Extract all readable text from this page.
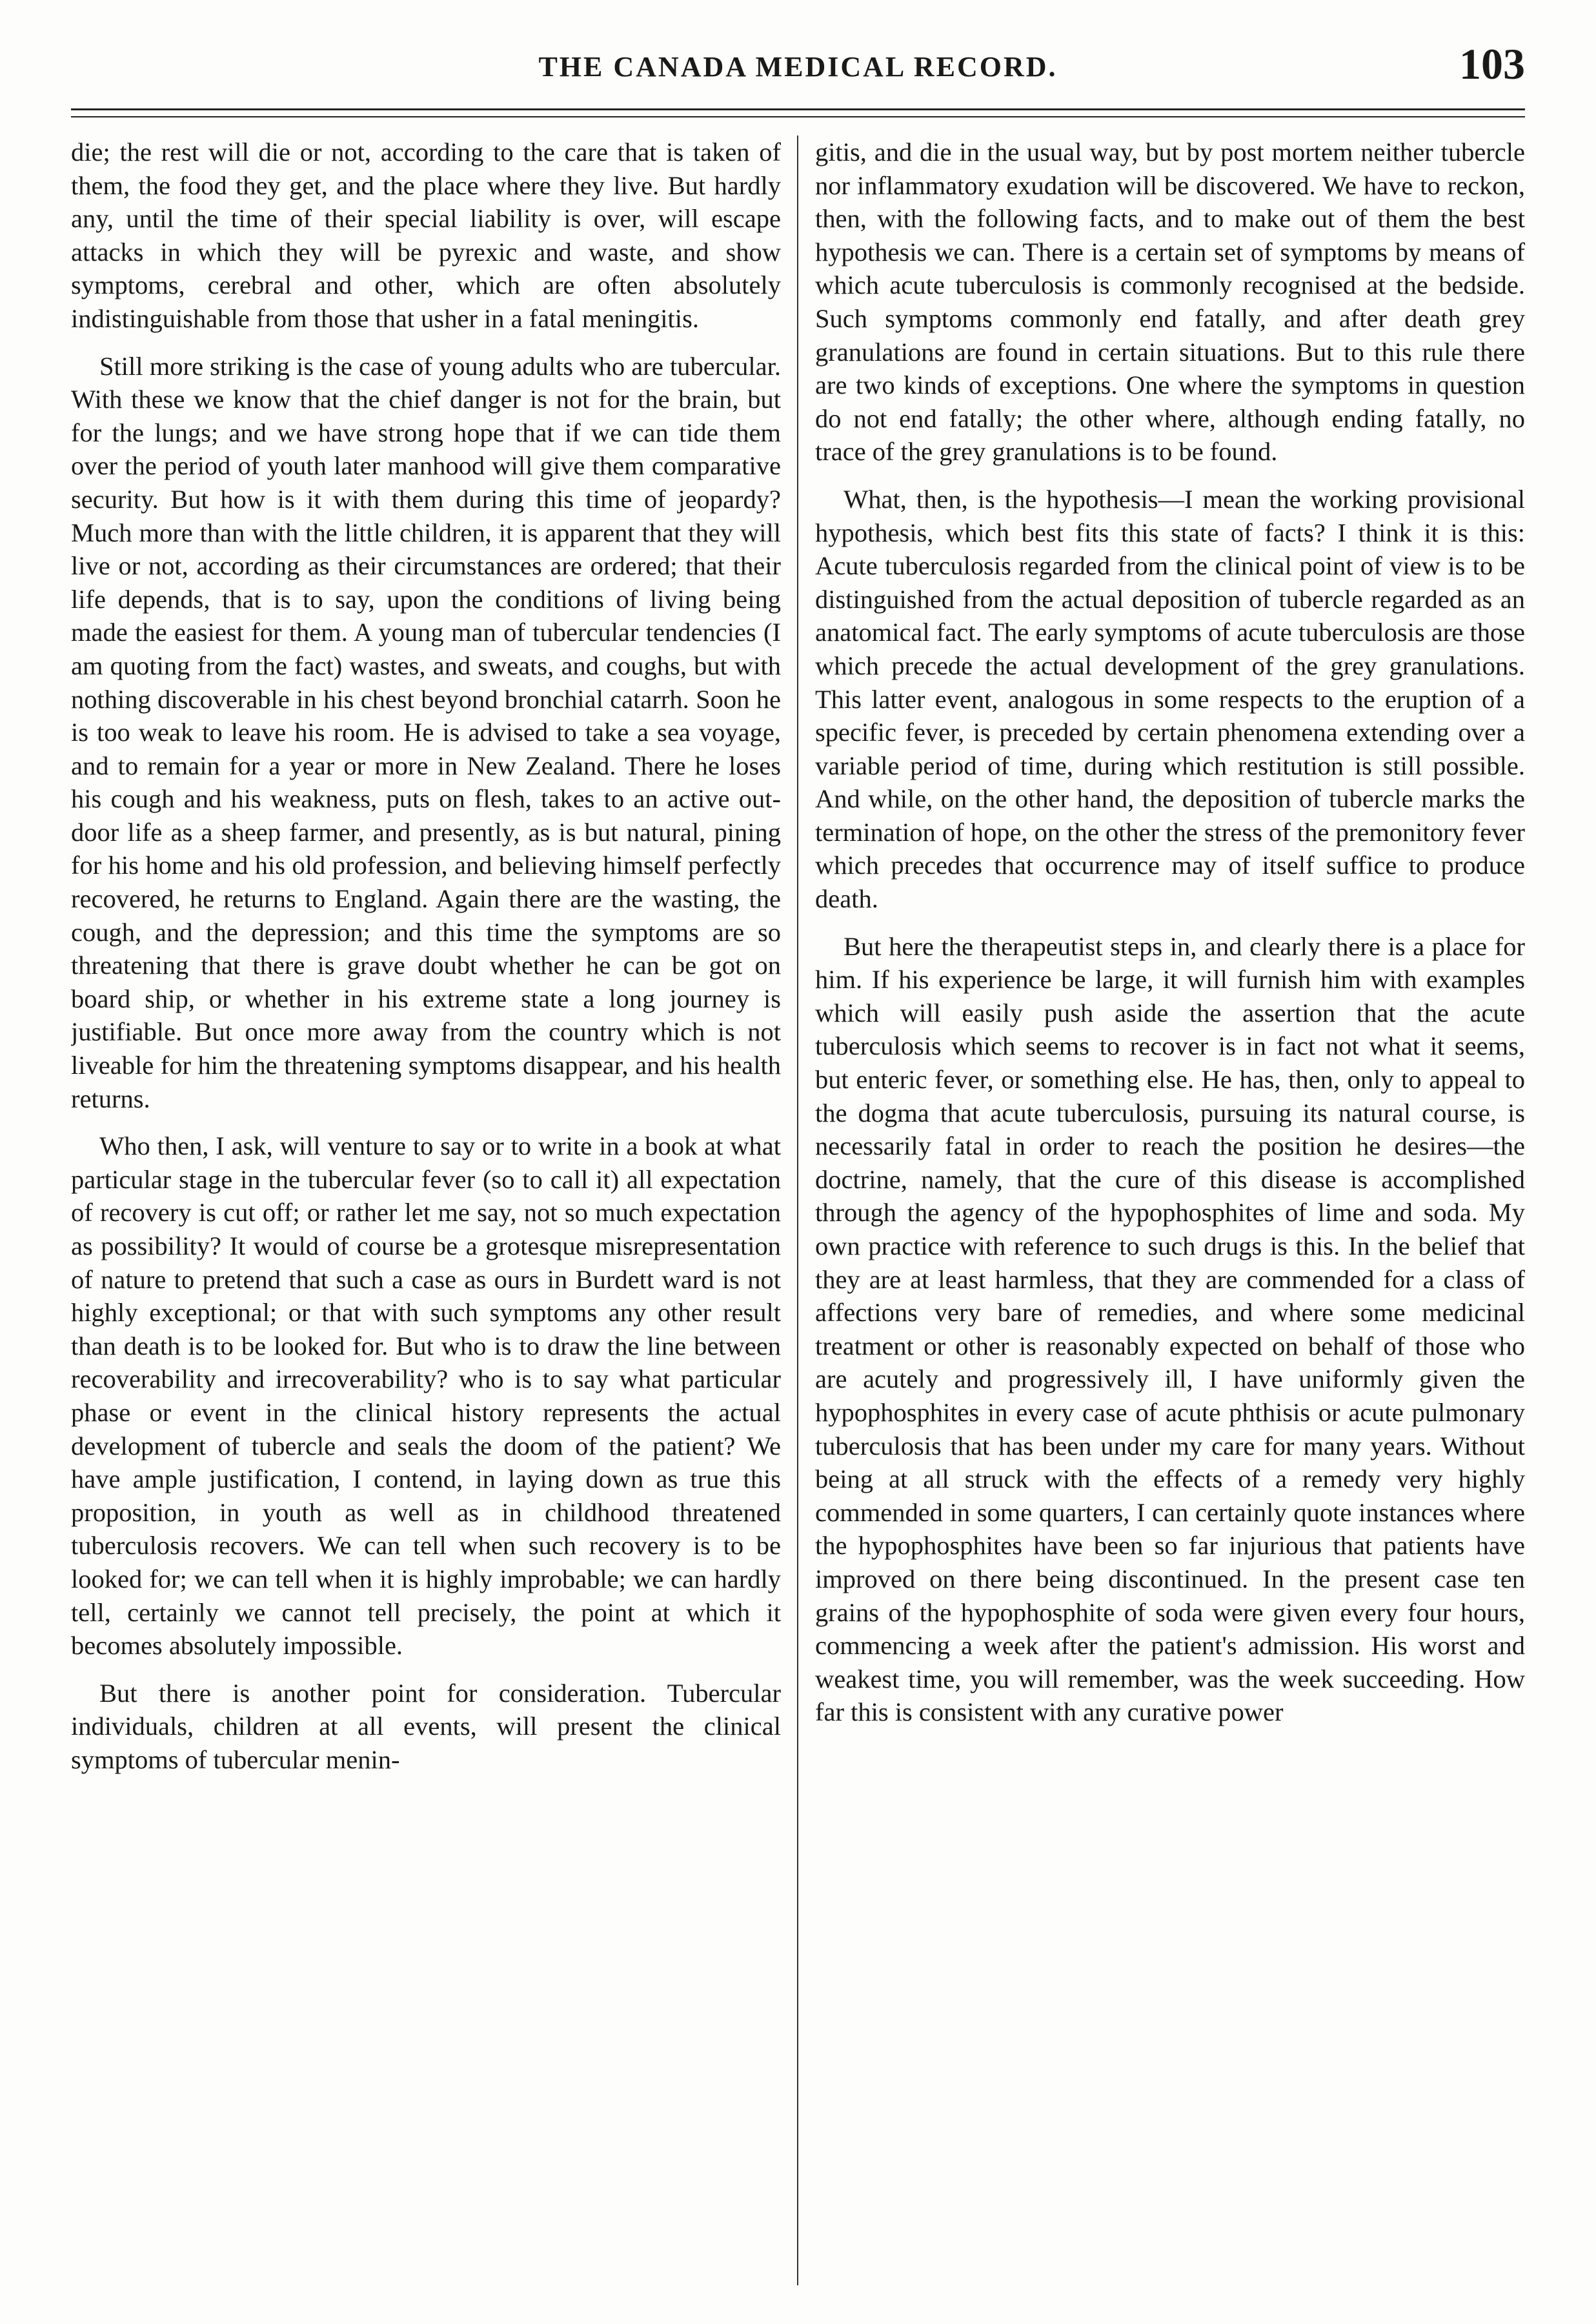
THE CANADA MEDICAL RECORD.	103

die; the rest will die or not, according to the care that is taken of them, the food they get, and the place where they live. But hardly any, until the time of their special liability is over, will escape attacks in which they will be pyrexic and waste, and show symptoms, cerebral and other, which are often absolutely indistinguishable from those that usher in a fatal meningitis.

Still more striking is the case of young adults who are tubercular. With these we know that the chief danger is not for the brain, but for the lungs; and we have strong hope that if we can tide them over the period of youth later manhood will give them comparative security. But how is it with them during this time of jeopardy? Much more than with the little children, it is apparent that they will live or not, according as their circumstances are ordered; that their life depends, that is to say, upon the conditions of living being made the easiest for them. A young man of tubercular tendencies (I am quoting from the fact) wastes, and sweats, and coughs, but with nothing discoverable in his chest beyond bronchial catarrh. Soon he is too weak to leave his room. He is advised to take a sea voyage, and to remain for a year or more in New Zealand. There he loses his cough and his weakness, puts on flesh, takes to an active out-door life as a sheep farmer, and presently, as is but natural, pining for his home and his old profession, and believing himself perfectly recovered, he returns to England. Again there are the wasting, the cough, and the depression; and this time the symptoms are so threatening that there is grave doubt whether he can be got on board ship, or whether in his extreme state a long journey is justifiable. But once more away from the country which is not liveable for him the threatening symptoms disappear, and his health returns.

Who then, I ask, will venture to say or to write in a book at what particular stage in the tubercular fever (so to call it) all expectation of recovery is cut off; or rather let me say, not so much expectation as possibility? It would of course be a grotesque misrepresentation of nature to pretend that such a case as ours in Burdett ward is not highly exceptional; or that with such symptoms any other result than death is to be looked for. But who is to draw the line between recoverability and irrecoverability? who is to say what particular phase or event in the clinical history represents the actual development of tubercle and seals the doom of the patient? We have ample justification, I contend, in laying down as true this proposition, in youth as well as in childhood threatened tuberculosis recovers. We can tell when such recovery is to be looked for; we can tell when it is highly improbable; we can hardly tell, certainly we cannot tell precisely, the point at which it becomes absolutely impossible.

But there is another point for consideration. Tubercular individuals, children at all events, will present the clinical symptoms of tubercular menin-

gitis, and die in the usual way, but by post mortem neither tubercle nor inflammatory exudation will be discovered. We have to reckon, then, with the following facts, and to make out of them the best hypothesis we can. There is a certain set of symptoms by means of which acute tuberculosis is commonly recognised at the bedside. Such symptoms commonly end fatally, and after death grey granulations are found in certain situations. But to this rule there are two kinds of exceptions. One where the symptoms in question do not end fatally; the other where, although ending fatally, no trace of the grey granulations is to be found.

What, then, is the hypothesis—I mean the working provisional hypothesis, which best fits this state of facts? I think it is this: Acute tuberculosis regarded from the clinical point of view is to be distinguished from the actual deposition of tubercle regarded as an anatomical fact. The early symptoms of acute tuberculosis are those which precede the actual development of the grey granulations. This latter event, analogous in some respects to the eruption of a specific fever, is preceded by certain phenomena extending over a variable period of time, during which restitution is still possible. And while, on the other hand, the deposition of tubercle marks the termination of hope, on the other the stress of the premonitory fever which precedes that occurrence may of itself suffice to produce death.

But here the therapeutist steps in, and clearly there is a place for him. If his experience be large, it will furnish him with examples which will easily push aside the assertion that the acute tuberculosis which seems to recover is in fact not what it seems, but enteric fever, or something else. He has, then, only to appeal to the dogma that acute tuberculosis, pursuing its natural course, is necessarily fatal in order to reach the position he desires—the doctrine, namely, that the cure of this disease is accomplished through the agency of the hypophosphites of lime and soda. My own practice with reference to such drugs is this. In the belief that they are at least harmless, that they are commended for a class of affections very bare of remedies, and where some medicinal treatment or other is reasonably expected on behalf of those who are acutely and progressively ill, I have uniformly given the hypophosphites in every case of acute phthisis or acute pulmonary tuberculosis that has been under my care for many years. Without being at all struck with the effects of a remedy very highly commended in some quarters, I can certainly quote instances where the hypophosphites have been so far injurious that patients have improved on there being discontinued. In the present case ten grains of the hypophosphite of soda were given every four hours, commencing a week after the patient's admission. His worst and weakest time, you will remember, was the week succeeding. How far this is consistent with any curative power
